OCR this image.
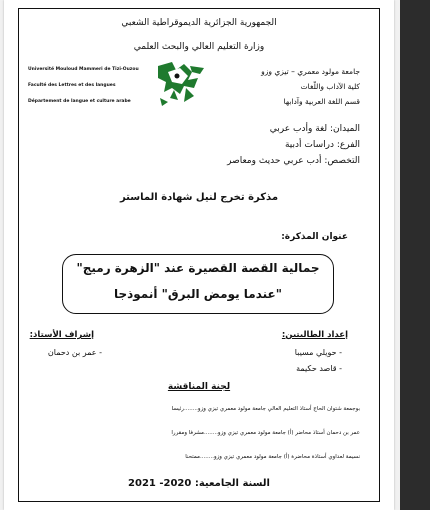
الجمهورية الجزائرية الديموقراطية الشعبي
وزارة التعليم العالي والبحث العلمي
Université Mouloud Mammeri de Tizi-Ouzou
Faculté des Lettres et des langues
Département de langue et culture arabe
جامعة مولود معمري – تيزي وزو
كلية الآداب واللّغات
قسم اللغة العربية وآدابها
الميدان: لغة وأدب عربي
الفرع: دراسات أدبية
التخصص: أدب عربي حديث ومعاصر
مذكرة تخرج لنيل شهادة الماستر
عنوان المذكرة:
جمالية القصة القصيرة عند "الزهرة رميج"
"عندما يومض البرق" أنموذجا
إعداد الطالبتين:
- حويلي مسيبا
- قاصد حكيمة
إشراف الأستاذ:
- عمر بن دحمان
لجنة المناقشة
بوجمعة شتوان الحاج أستاذ التعليم العالي جامعة مولود معمري تيزي وزو........رئيسا
عمر بن دحمان أستاذ محاضر (أ) جامعة مولود معمري تيزي وزو........مشرفا ومقررا
نسيمة لعداوي أستاذة محاضرة (أ) جامعة مولود معمري تيزي وزو........ممتحنا
السنة الجامعية: 2020- 2021
